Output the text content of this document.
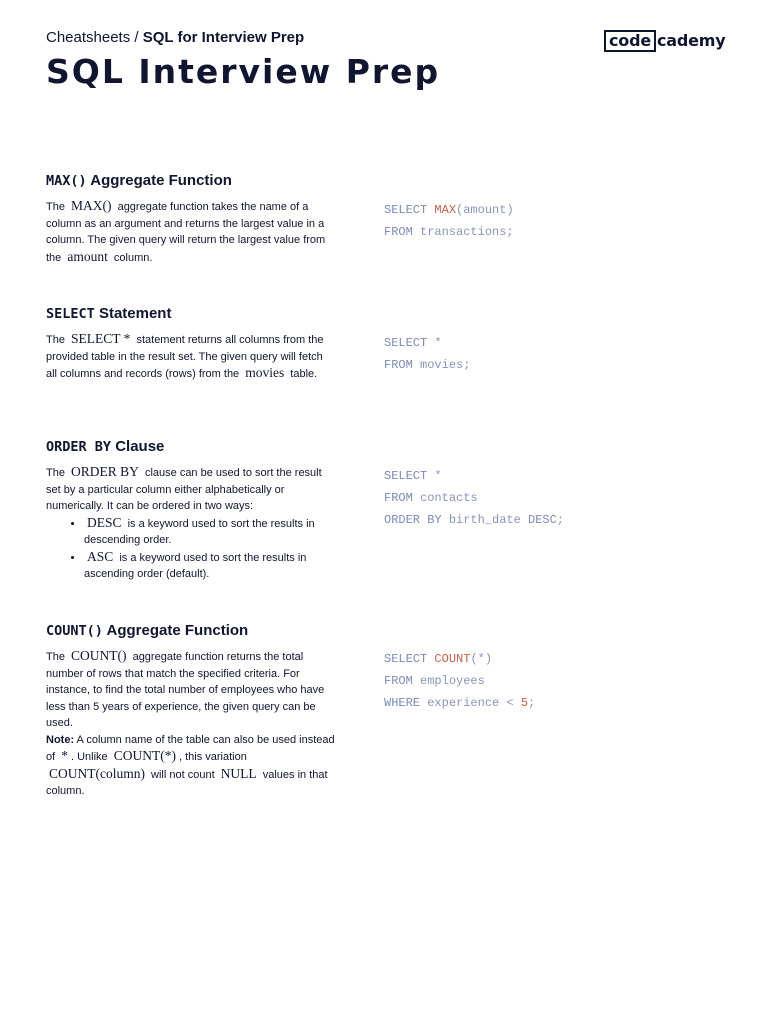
Cheatsheets / SQL for Interview Prep	code cademy
SQL Interview Prep
MAX() Aggregate Function

The MAX() aggregate function takes the name of a column as an argument and returns the largest value in a column. The given query will return the largest value from the amount column.

SELECT MAX(amount)
FROM transactions;
SELECT Statement

The SELECT * statement returns all columns from the provided table in the result set. The given query will fetch all columns and records (rows) from the movies table.

SELECT *
FROM movies;
ORDER BY Clause
The ORDER BY clause can be used to sort the result set by a particular column either alphabetically or numerically. It can be ordered in two ways:
• DESC is a keyword used to sort the results in descending order.
• ASC is a keyword used to sort the results in ascending order (default).
SELECT *
FROM contacts
ORDER BY birth_date DESC;
COUNT() Aggregate Function

The COUNT() aggregate function returns the total number of rows that match the specified criteria. For instance, to find the total number of employees who have less than 5 years of experience, the given query can be used.
Note: A column name of the table can also be used instead of * . Unlike COUNT(*) , this variation COUNT(column) will not count NULL values in that column.

SELECT COUNT(*)
FROM employees
WHERE experience < 5;
